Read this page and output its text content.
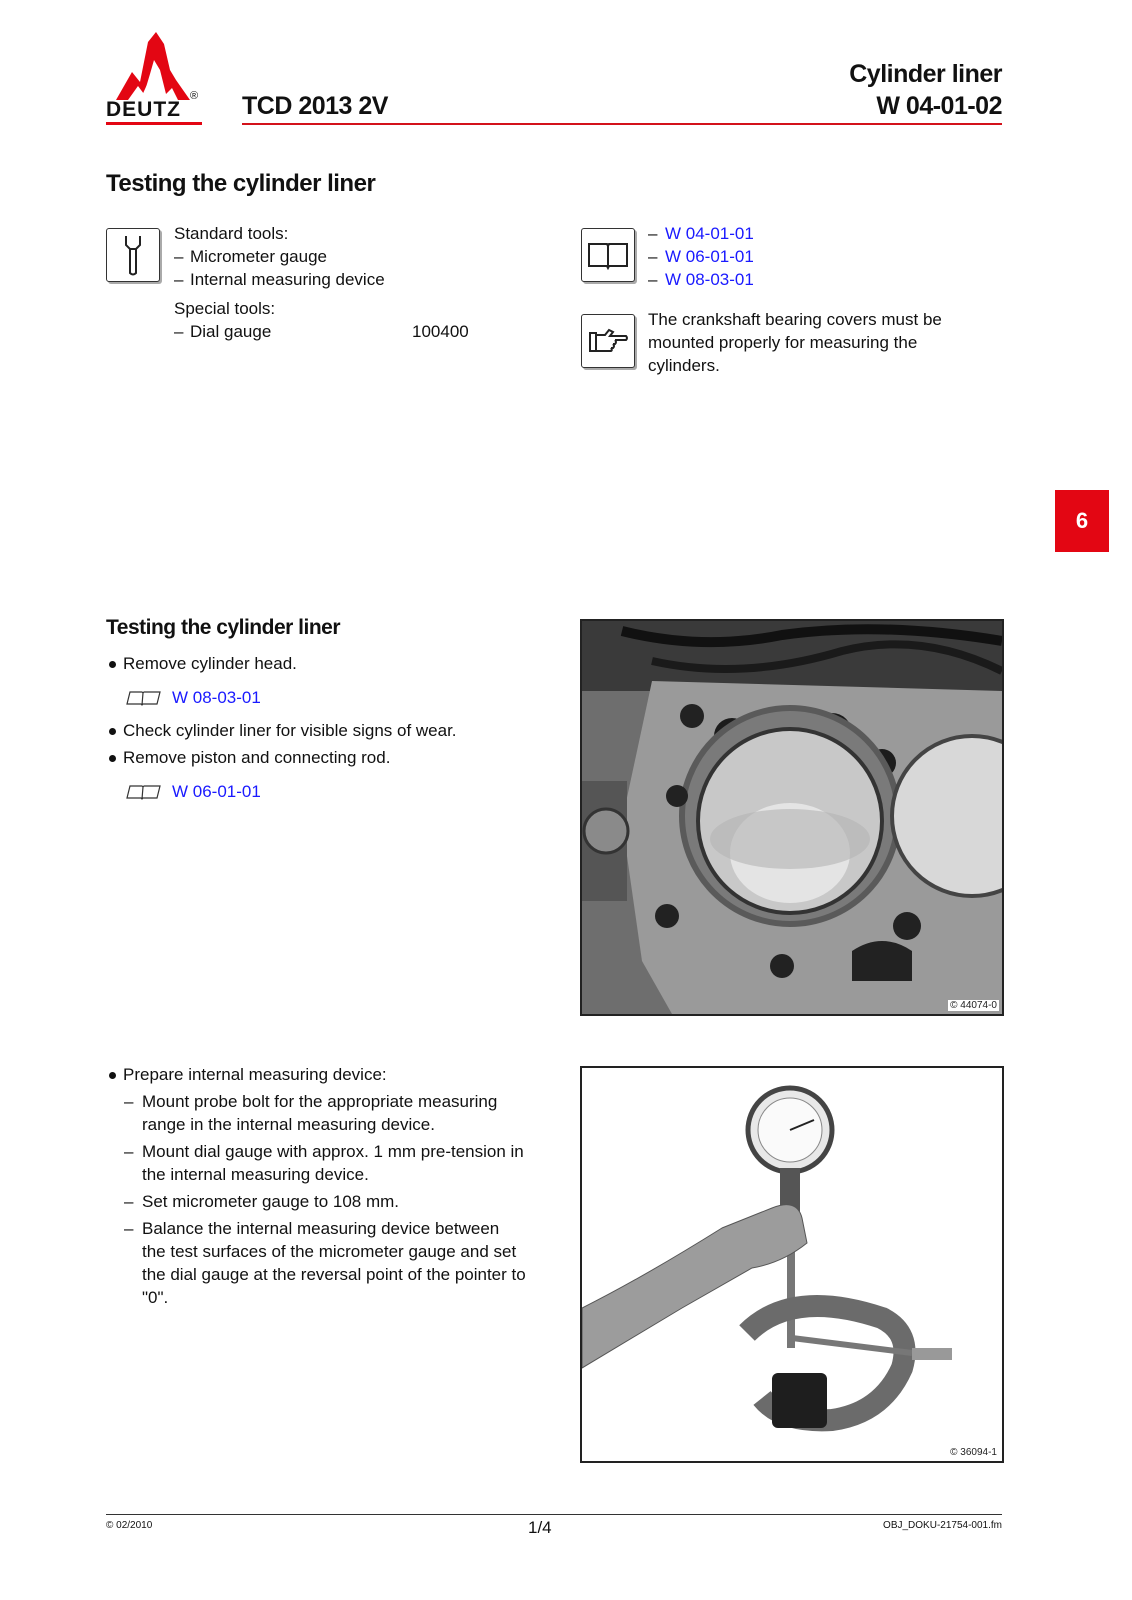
DEUTZ
® TCD 2013 2V
Cylinder liner
W 04-01-02
Testing the cylinder liner
Standard tools:
– Micrometer gauge
– Internal measuring device
Special tools:
– Dial gauge	100400
– W 04-01-01
– W 06-01-01
– W 08-03-01
The crankshaft bearing covers must be
mounted properly for measuring the
cylinders.
6
Testing the cylinder liner
Remove cylinder head.
W 08-03-01
Check cylinder liner for visible signs of wear.
Remove piston and connecting rod.
W 06-01-01
© 44074-0
Prepare internal measuring device:
– Mount probe bolt for the appropriate measuring
range in the internal measuring device.
– Mount dial gauge with approx. 1 mm pre-tension in
the internal measuring device.
– Set micrometer gauge to 108 mm.
– Balance the internal measuring device between
the test surfaces of the micrometer gauge and set
the dial gauge at the reversal point of the pointer to
"0".
© 36094-1
© 02/2010	1/4	OBJ_DOKU-21754-001.fm
